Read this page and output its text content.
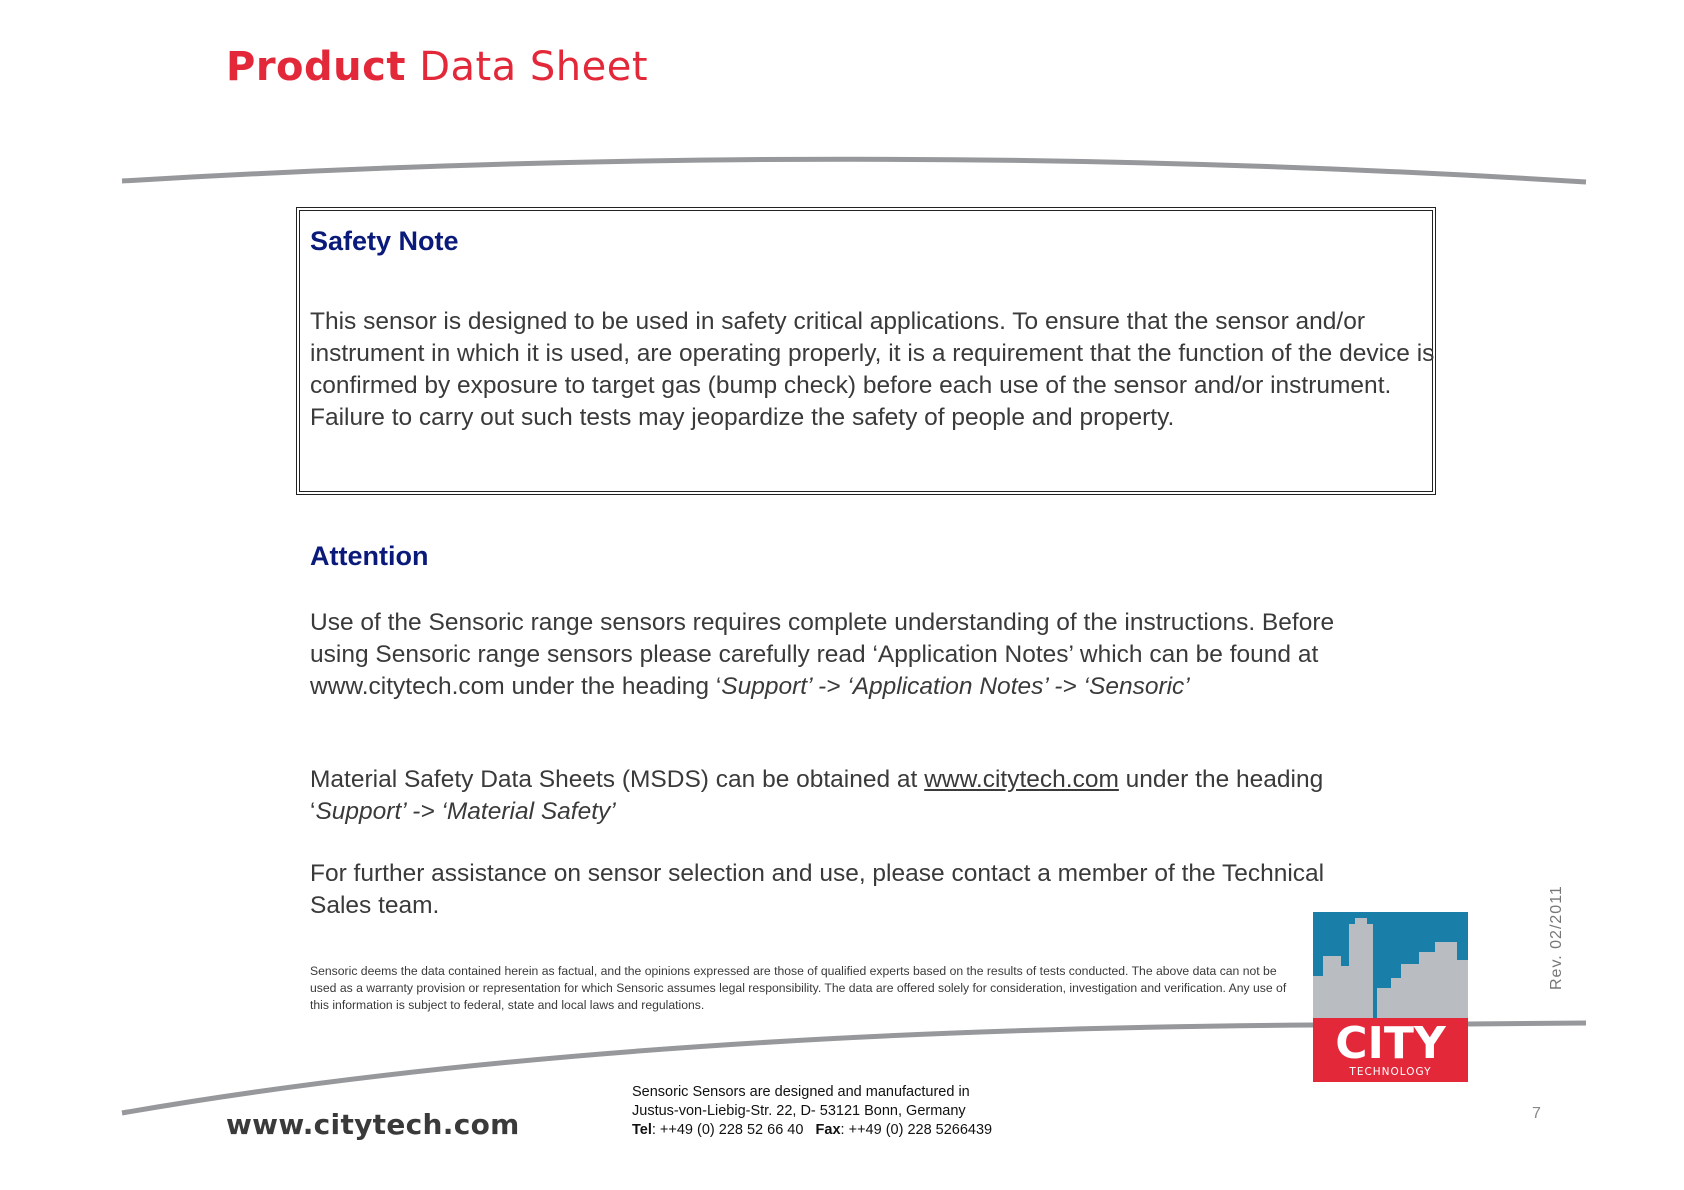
Product Data Sheet
Safety Note
This sensor is designed to be used in safety critical applications. To ensure that the sensor and/or instrument in which it is used, are operating properly, it is a requirement that the function of the device is confirmed by exposure to target gas (bump check) before each use of the sensor and/or instrument. Failure to carry out such tests may jeopardize the safety of people and property.
Attention
Use of the Sensoric range sensors requires complete understanding of the instructions. Before using Sensoric range sensors please carefully read ‘Application Notes’ which can be found at www.citytech.com under the heading ‘Support’ -> ‘Application Notes’ -> ‘Sensoric’
Material Safety Data Sheets (MSDS) can be obtained at www.citytech.com under the heading ‘Support’ -> ‘Material Safety’
For further assistance on sensor selection and use, please contact a member of the Technical Sales team.
Sensoric deems the data contained herein as factual, and the opinions expressed are those of qualified experts based on the results of tests conducted. The above data can not be used as a warranty provision or representation for which Sensoric assumes legal responsibility. The data are offered solely for consideration, investigation and verification. Any use of this information is subject to federal, state and local laws and regulations.
CITY
TECHNOLOGY
Rev. 02/2011
7
www.citytech.com
Sensoric Sensors are designed and manufactured in
Justus-von-Liebig-Str. 22, D- 53121 Bonn, Germany
Tel: ++49 (0) 228 52 66 40 Fax: ++49 (0) 228 5266439
